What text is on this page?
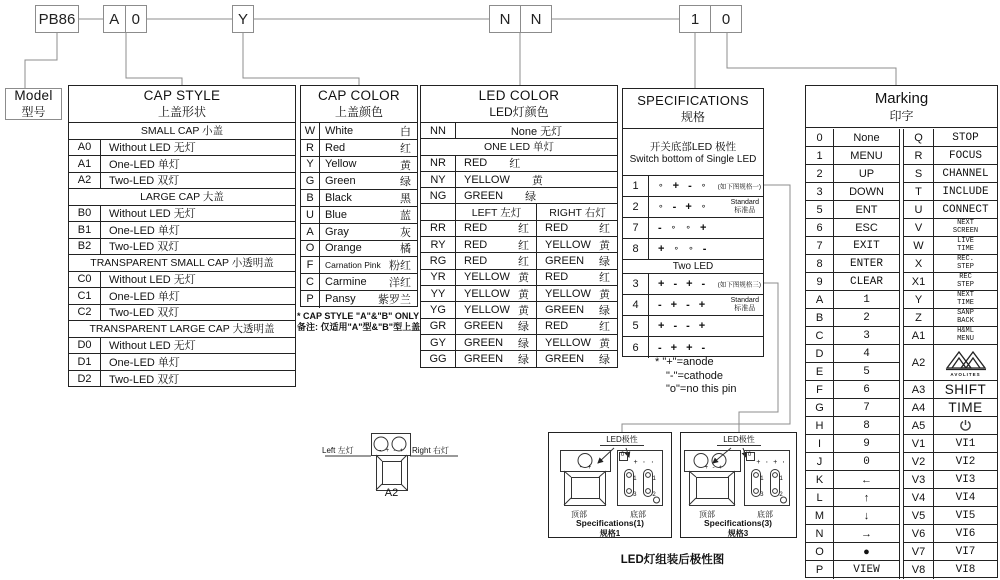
PB86	A 0	Y	N	N	1	0
Model
型号
CAP STYLE
上盖形状
SMALL CAP 小盖
A0	Without LED 无灯
A1	One-LED 单灯
A2	Two-LED 双灯
LARGE CAP 大盖
B0	Without LED 无灯
B1	One-LED 单灯
B2	Two-LED 双灯
TRANSPARENT SMALL CAP 小透明盖
C0	Without LED 无灯
C1	One-LED 单灯
C2	Two-LED 双灯
TRANSPARENT LARGE CAP 大透明盖
D0	Without LED 无灯
D1	One-LED 单灯
D2	Two-LED 双灯
CAP COLOR
上盖颜色
W White	白
R	Red	红
Y	Yellow	黄
G Green	绿
B	Black	黑
U	Blue	蓝
A	Gray	灰
O Orange	橘
F	Carnation Pink 粉红
C	Carmine	洋红
P	Pansy	紫罗兰
* CAP STYLE "A"&"B" ONLY
备注: 仅适用"A"型&"B"型上盖
LED COLOR
LED灯颜色
NN	None 无灯
ONE LED 单灯
NR	RED 红
NY	YELLOW 黄
NG	GREEN 绿
LEFT 左灯	RIGHT 右灯
RR	RED	红 RED	红
RY	RED	红 YELLOW 黄
RG	RED	红 GREEN 绿
YR	YELLOW 黄 RED	红
YY	YELLOW 黄 YELLOW 黄
YG	YELLOW 黄 GREEN 绿
GR	GREEN 绿 RED	红
GY	GREEN 绿 YELLOW 黄
GG	GREEN 绿 GREEN 绿
SPECIFICATIONS
规格
开关底部LED 极性
Switch bottom of Single LED
1	∘ + - ∘ (如下图规格一)
2	∘ - + ∘	Standard
标准品
7	- ∘ ∘ +
8	+ ∘ ∘ -
Two LED
3	+ - + - (如下图规格三)
4	- + - +	Standard
标准品
5	+ - - +
6	- + + -
* "+"=anode
"-"=cathode
"o"=no this pin
Marking
印字
0	None
1	MENU
2	UP
3	DOWN
5	ENT
6	ESC
7	EXIT
8	ENTER
9	CLEAR
A	1
B	2
C	3
D	4
E	5
F	6
G	7
H	8
I	9
J	0
K	←
L	↑
M	↓
N	→
O	●
P	VIEW
Q	STOP
R	FOCUS
S	CHANNEL
T	INCLUDE
U	CONNECT
V	NEXT
SCREEN
W	LIVE
TIME
X	REC.
STEP
X1	REC
STEP
Y	NEXT
TIME
Z	SANP
BACK
A1	H&ML
MENU
A2
AVOLITES
A3	SHIFT
A4	TIME
A5
V1	VI1
V2	VI2
V3	VI3
V4	VI4
V5	VI5
V6	VI6
V7	VI7
V8	VI8
Left 左灯	Right 右灯
- + - +
A2
LED极性	LED极性
- +	- + - +
0	0
+ · ·	+ · + ·
1 1
3 2
1 1
3 2
顶部	底部	顶部	底部
Specifications(1)
规格1
Specifications(3)
规格3
LED灯组装后极性图
